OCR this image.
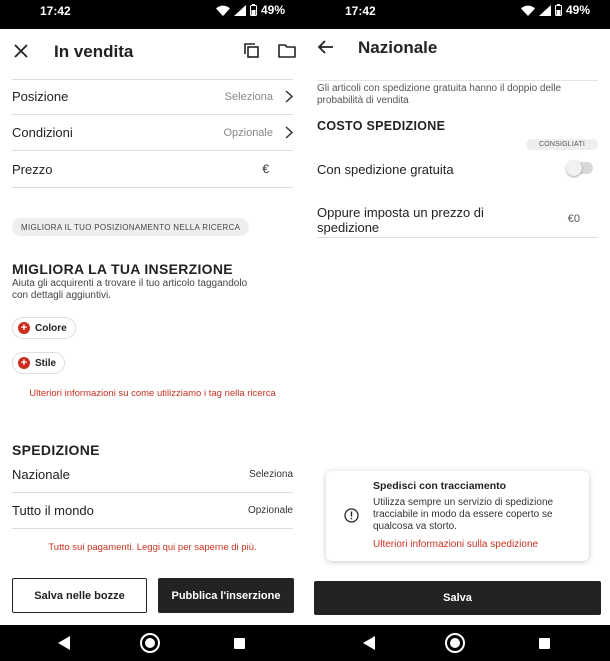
17:42	49%
In vendita
Posizione	Seleziona
Condizioni	Opzionale
Prezzo	€
MIGLIORA IL TUO POSIZIONAMENTO NELLA RICERCA
MIGLIORA LA TUA INSERZIONE
Aiuta gli acquirenti a trovare il tuo articolo taggandolo con dettagli aggiuntivi.
+ Colore
+ Stile
Ulteriori informazioni su come utilizziamo i tag nella ricerca
SPEDIZIONE
Nazionale	Seleziona
Tutto il mondo	Opzionale
Tutto sui pagamenti. Leggi qui per saperne di più.
Salva nelle bozze	Pubblica l'inserzione
17:42	49%
Nazionale
Gli articoli con spedizione gratuita hanno il doppio delle probabilità di vendita
COSTO SPEDIZIONE
CONSIGLIATI
Con spedizione gratuita
Oppure imposta un prezzo di spedizione
€0
Spedisci con tracciamento
Utilizza sempre un servizio di spedizione tracciabile in modo da essere coperto se qualcosa va storto.
Ulteriori informazioni sulla spedizione
Salva
